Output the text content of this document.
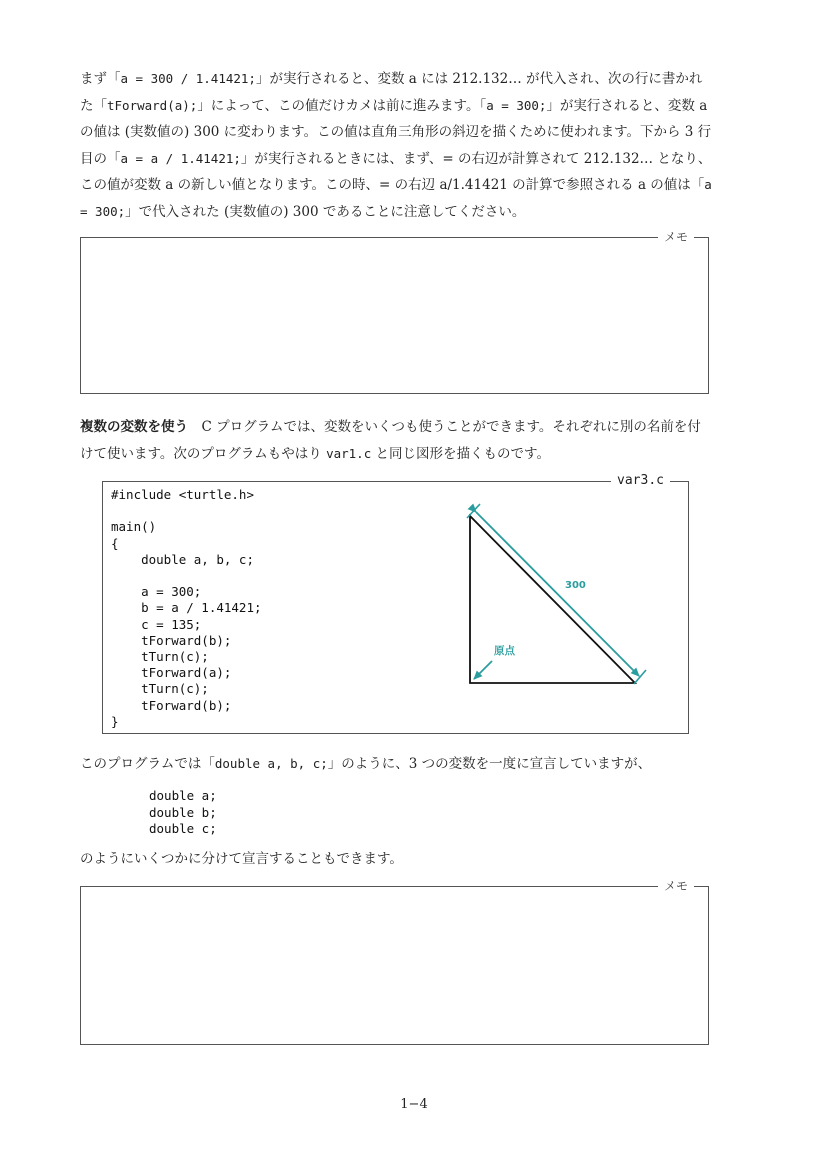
まず「a = 300 / 1.41421;」が実行されると、変数 a には 212.132… が代入され、次の行に書かれた「tForward(a);」によって、この値だけカメは前に進みます。「a = 300;」が実行されると、変数 a の値は (実数値の) 300 に変わります。この値は直角三角形の斜辺を描くために使われます。下から 3 行目の「a = a / 1.41421;」が実行されるときには、まず、= の右辺が計算されて 212.132… となり、この値が変数 a の新しい値となります。この時、= の右辺 a/1.41421 の計算で参照される a の値は「a = 300;」で代入された (実数値の) 300 であることに注意してください。

メモ

複数の変数を使う　C プログラムでは、変数をいくつも使うことができます。それぞれに別の名前を付けて使います。次のプログラムもやはり var1.c と同じ図形を描くものです。

var3.c
#include <turtle.h>

main()
{
double a, b, c;

a = 300;
b = a / 1.41421;
c = 135;
tForward(b);
tTurn(c);
tForward(a);
tTurn(c);
tForward(b);
}
300
原点

このプログラムでは「double a, b, c;」のように、3 つの変数を一度に宣言していますが、

double a;
double b;
double c;

のようにいくつかに分けて宣言することもできます。

メモ
1−4
